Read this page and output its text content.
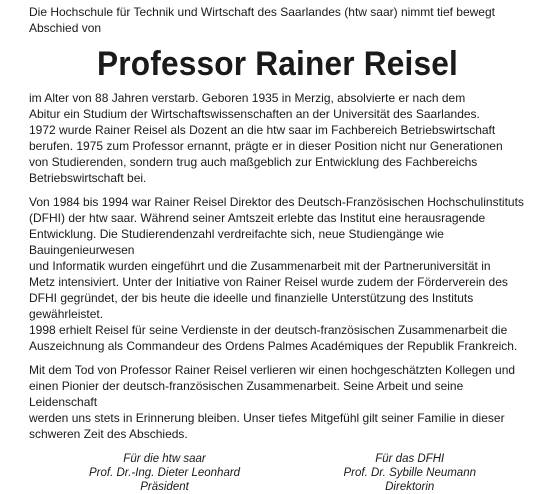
Die Hochschule für Technik und Wirtschaft des Saarlandes (htw saar) nimmt tief bewegt
Abschied von

Professor Rainer Reisel

im Alter von 88 Jahren verstarb. Geboren 1935 in Merzig, absolvierte er nach dem
Abitur ein Studium der Wirtschaftswissenschaften an der Universität des Saarlandes.
1972 wurde Rainer Reisel als Dozent an die htw saar im Fachbereich Betriebswirtschaft
berufen. 1975 zum Professor ernannt, prägte er in dieser Position nicht nur Generationen
von Studierenden, sondern trug auch maßgeblich zur Entwicklung des Fachbereichs
Betriebswirtschaft bei.

Von 1984 bis 1994 war Rainer Reisel Direktor des Deutsch-Französischen Hochschulinstituts
(DFHI) der htw saar. Während seiner Amtszeit erlebte das Institut eine herausragende
Entwicklung. Die Studierendenzahl verdreifachte sich, neue Studiengänge wie Bauingenieurwesen
und Informatik wurden eingeführt und die Zusammenarbeit mit der Partneruniversität in
Metz intensiviert. Unter der Initiative von Rainer Reisel wurde zudem der Förderverein des
DFHI gegründet, der bis heute die ideelle und finanzielle Unterstützung des Instituts gewährleistet.
1998 erhielt Reisel für seine Verdienste in der deutsch-französischen Zusammenarbeit die
Auszeichnung als Commandeur des Ordens Palmes Académiques der Republik Frankreich.

Mit dem Tod von Professor Rainer Reisel verlieren wir einen hochgeschätzten Kollegen und
einen Pionier der deutsch-französischen Zusammenarbeit. Seine Arbeit und seine Leidenschaft
werden uns stets in Erinnerung bleiben. Unser tiefes Mitgefühl gilt seiner Familie in dieser
schweren Zeit des Abschieds.

Für die htw saar
Prof. Dr.-Ing. Dieter Leonhard
Präsident
Für das DFHI
Prof. Dr. Sybille Neumann
Direktorin
